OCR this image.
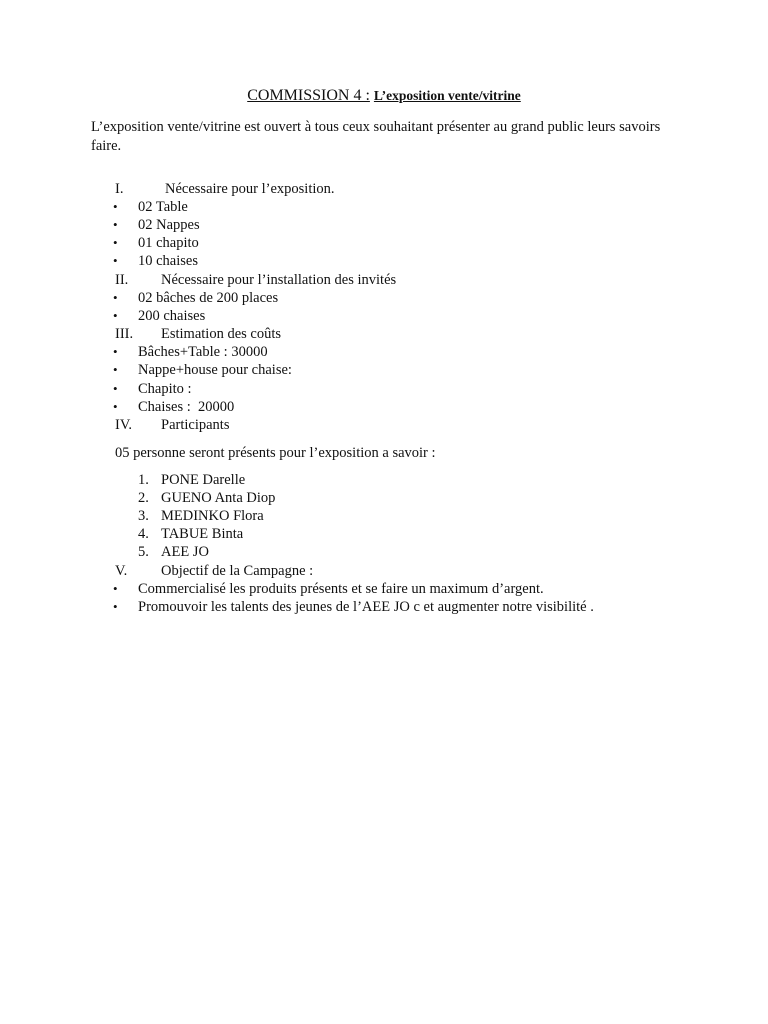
COMMISSION 4 : L’exposition vente/vitrine
L’exposition vente/vitrine est ouvert à tous ceux souhaitant présenter au grand public leurs savoirs faire.
I.	Nécessaire pour l’exposition.
• 02 Table
• 02 Nappes
• 01 chapito
• 10 chaises
II. Nécessaire pour l’installation des invités
• 02 bâches de 200 places
• 200 chaises
III. Estimation des coûts
• Bâches+Table : 30000
• Nappe+house pour chaise:
• Chapito :
• Chaises :  20000
IV. Participants
05 personne seront présents pour l’exposition a savoir :
1. PONE Darelle
2. GUENO Anta Diop
3. MEDINKO Flora
4. TABUE Binta
5. AEE JO
V. Objectif de la Campagne :
• Commercialisé les produits présents et se faire un maximum d’argent.
• Promouvoir les talents des jeunes de l’AEE JO c et augmenter notre visibilité .
